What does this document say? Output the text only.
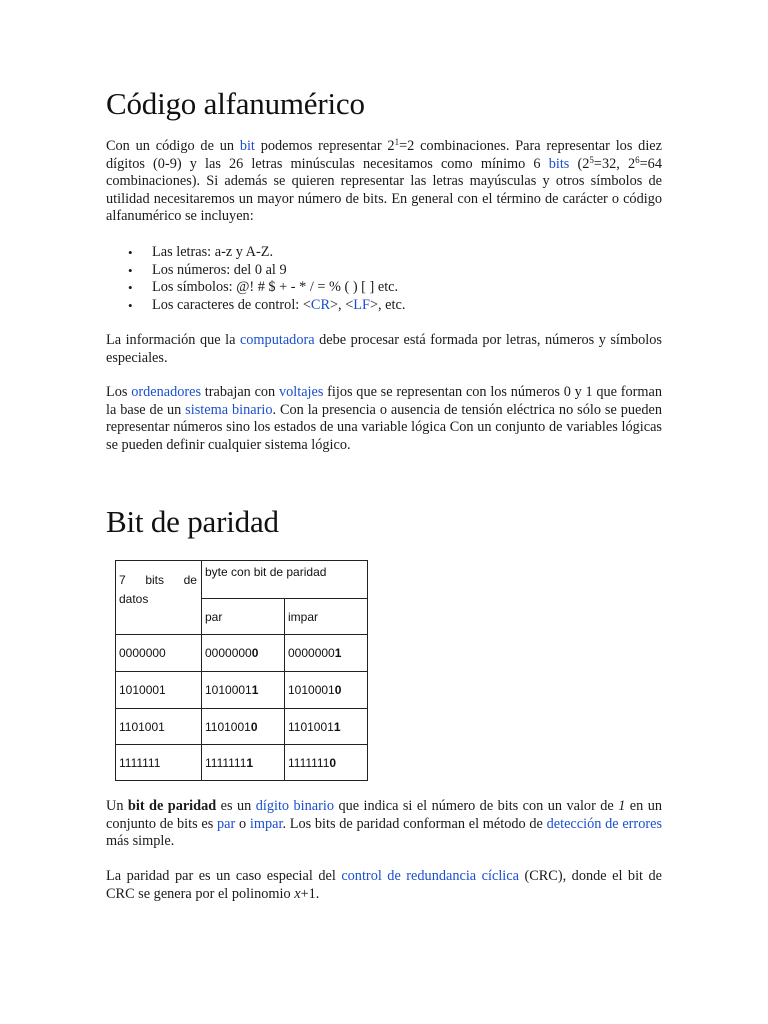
Código alfanumérico

Con un código de un bit podemos representar $2^1=2$ combinaciones. Para representar los diez dígitos (0-9) y las 26 letras minúsculas necesitamos como mínimo 6 bits ($2^5=32$, $2^6=64$ combinaciones). Si además se quieren representar las letras mayúsculas y otros símbolos de utilidad necesitaremos un mayor número de bits. En general con el término de carácter o código alfanumérico se incluyen:

• Las letras: a-z y A-Z.
• Los números: del 0 al 9
• Los símbolos: @! # $ + - * / = % ( ) [ ] etc.
• Los caracteres de control: <CR>, <LF>, etc.

La información que la computadora debe procesar está formada por letras, números y símbolos especiales.

Los ordenadores trabajan con voltajes fijos que se representan con los números 0 y 1 que forman la base de un sistema binario. Con la presencia o ausencia de tensión eléctrica no sólo se pueden representar números sino los estados de una variable lógica Con un conjunto de variables lógicas se pueden definir cualquier sistema lógico.

Bit de paridad
7 bits de
datos	byte con bit de paridad	
	par	impar
0000000	00000000	00000001
1010001	10100011	10100010
1101001	11010010	11010011
1111111	11111111	11111110

Un bit de paridad es un dígito binario que indica si el número de bits con un valor de 1 en un conjunto de bits es par o impar. Los bits de paridad conforman el método de detección de errores más simple.

La paridad par es un caso especial del control de redundancia cíclica (CRC), donde el bit de CRC se genera por el polinomio x+1.
